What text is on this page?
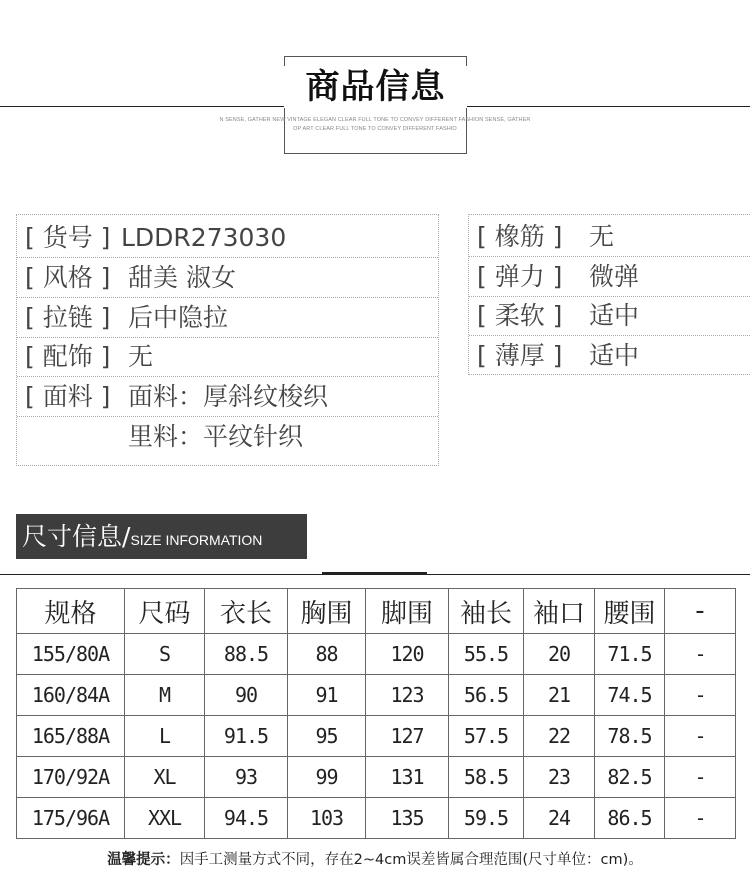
商品信息
N SENSE, GATHER NEW VINTAGE ELEGAN CLEAR FULL TONE TO CONVEY DIFFERENT FASHION SENSE, GATHER
OP ART CLEAR FULL TONE TO CONVEY DIFFERENT FASHIO
[ 货号 ] LDDR273030
[ 风格 ] 甜美 淑女
[ 拉链 ] 后中隐拉
[ 配饰 ] 无
[ 面料 ] 面料：厚斜纹梭织
里料：平纹针织
[ 橡筋 ] 无
[ 弹力 ] 微弹
[ 柔软 ] 适中
[ 薄厚 ] 适中
尺寸信息/SIZE INFORMATION
规格	尺码	衣长	胸围	脚围	袖长	袖口	腰围	-
155/80A	S	88.5	88	120	55.5	20	71.5	-
160/84A	M	90	91	123	56.5	21	74.5	-
165/88A	L	91.5	95	127	57.5	22	78.5	-
170/92A	XL	93	99	131	58.5	23	82.5	-
175/96A	XXL	94.5	103	135	59.5	24	86.5	-
温馨提示：因手工测量方式不同，存在2~4cm误差皆属合理范围(尺寸单位：cm)。
